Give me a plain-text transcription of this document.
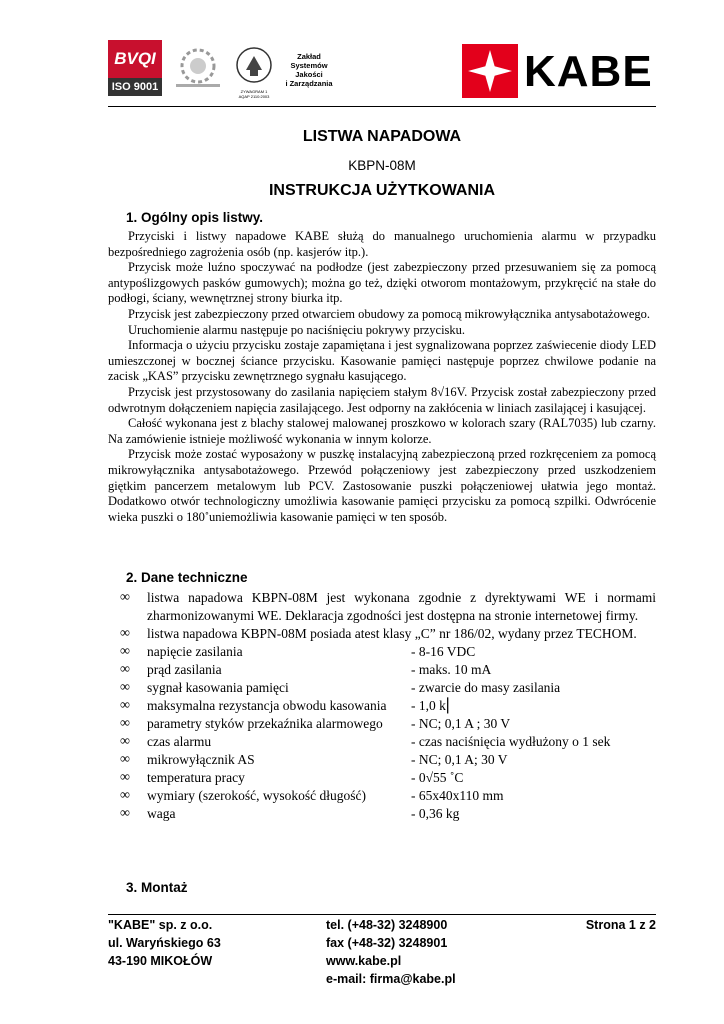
BVQI
ISO 9001	ZYWAGRAM 1
AQAP 2110:2003
Zakład
Systemów
Jakości
i Zarządzania	KABE
LISTWA NAPADOWA
KBPN-08M
INSTRUKCJA UŻYTKOWANIA
1. Ogólny opis listwy.

Przyciski i listwy napadowe KABE służą do manualnego uruchomienia alarmu w przypadku bezpośredniego zagrożenia osób (np. kasjerów itp.).

Przycisk może luźno spoczywać na podłodze (jest zabezpieczony przed przesuwaniem się za pomocą antypoślizgowych pasków gumowych); można go też, dzięki otworom montażowym, przykręcić na stałe do podłogi, ściany, wewnętrznej strony biurka itp.

Przycisk jest zabezpieczony przed otwarciem obudowy za pomocą mikrowyłącznika antysabotażowego.

Uruchomienie alarmu następuje po naciśnięciu pokrywy przycisku.

Informacja o użyciu przycisku zostaje zapamiętana i jest sygnalizowana poprzez zaświecenie diody LED umieszczonej w bocznej ściance przycisku. Kasowanie pamięci następuje poprzez chwilowe podanie na zacisk „KAS” przycisku zewnętrznego sygnału kasującego.

Przycisk jest przystosowany do zasilania napięciem stałym 8√16V. Przycisk został zabezpieczony przed odwrotnym dołączeniem napięcia zasilającego. Jest odporny na zakłócenia w liniach zasilającej i kasującej.

Całość wykonana jest z blachy stalowej malowanej proszkowo w kolorach szary (RAL7035) lub czarny. Na zamówienie istnieje możliwość wykonania w innym kolorze.

Przycisk może zostać wyposażony w puszkę instalacyjną zabezpieczoną przed rozkręceniem za pomocą mikrowyłącznika antysabotażowego. Przewód połączeniowy jest zabezpieczony przed uszkodzeniem giętkim pancerzem metalowym lub PCV. Zastosowanie puszki połączeniowej ułatwia jego montaż. Dodatkowo otwór technologiczny umożliwia kasowanie pamięci przycisku za pomocą szpilki. Odwrócenie wieka puszki o 180˚uniemożliwia kasowanie pamięci w ten sposób.

2. Dane techniczne
∞ listwa napadowa KBPN-08M jest wykonana zgodnie z dyrektywami WE i normami zharmonizowanymi WE. Deklaracja zgodności jest dostępna na stronie internetowej firmy.
∞ listwa napadowa KBPN-08M posiada atest klasy „C” nr 186/02, wydany przez TECHOM.
∞ napięcie zasilania	- 8-16 VDC
∞ prąd zasilania	- maks. 10 mA
∞ sygnał kasowania pamięci	- zwarcie do masy zasilania
∞ maksymalna rezystancja obwodu kasowania - 1,0 k⎜
∞ parametry styków przekaźnika alarmowego - NC; 0,1 A ; 30 V
∞ czas alarmu	- czas naciśnięcia wydłużony o 1 sek
∞ mikrowyłącznik AS	- NC; 0,1 A; 30 V
∞ temperatura pracy	- 0√55 ˚C
∞ wymiary (szerokość, wysokość długość)	- 65x40x110 mm
∞ waga	- 0,36 kg
3. Montaż
"KABE" sp. z o.o.
ul. Waryńskiego 63
43-190 MIKOŁÓW
tel. (+48-32) 3248900
fax (+48-32) 3248901
www.kabe.pl
e-mail: firma@kabe.pl
Strona 1 z 2
